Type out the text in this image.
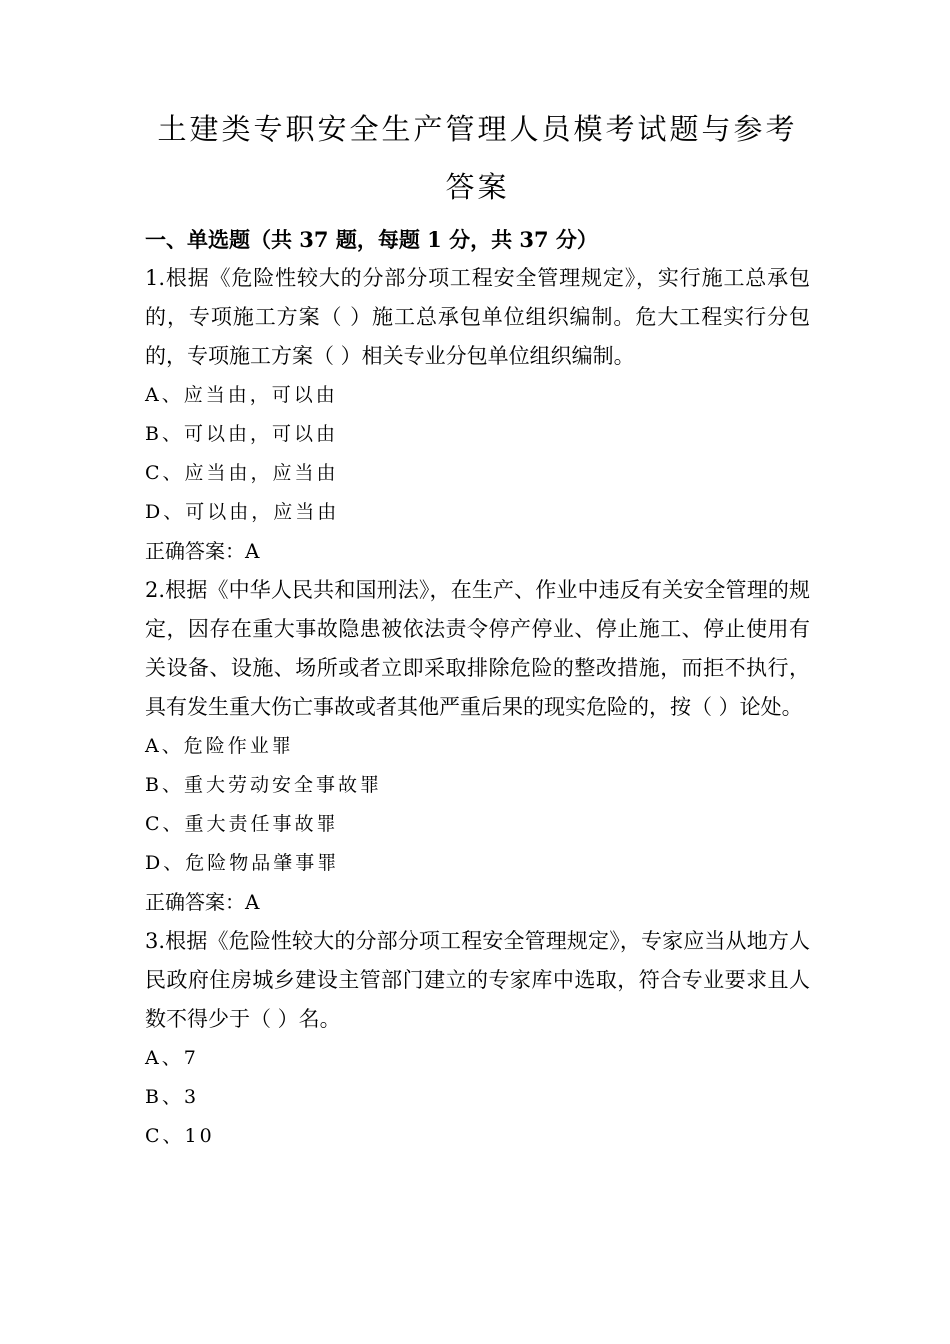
土建类专职安全生产管理人员模考试题与参考答案

一、单选题（共 37 题，每题 1 分，共 37 分）

1.根据《危险性较大的分部分项工程安全管理规定》，实行施工总承包的，专项施工方案（ ）施工总承包单位组织编制。危大工程实行分包的，专项施工方案（ ）相关专业分包单位组织编制。

A、应当由，可以由

B、可以由，可以由

C、应当由，应当由

D、可以由，应当由

正确答案：A

2.根据《中华人民共和国刑法》，在生产、作业中违反有关安全管理的规定，因存在重大事故隐患被依法责令停产停业、停止施工、停止使用有关设备、设施、场所或者立即采取排除危险的整改措施，而拒不执行，具有发生重大伤亡事故或者其他严重后果的现实危险的，按（ ）论处。

A、危险作业罪

B、重大劳动安全事故罪

C、重大责任事故罪

D、危险物品肇事罪

正确答案：A

3.根据《危险性较大的分部分项工程安全管理规定》，专家应当从地方人民政府住房城乡建设主管部门建立的专家库中选取，符合专业要求且人数不得少于（ ）名。

A、7

B、3

C、10
